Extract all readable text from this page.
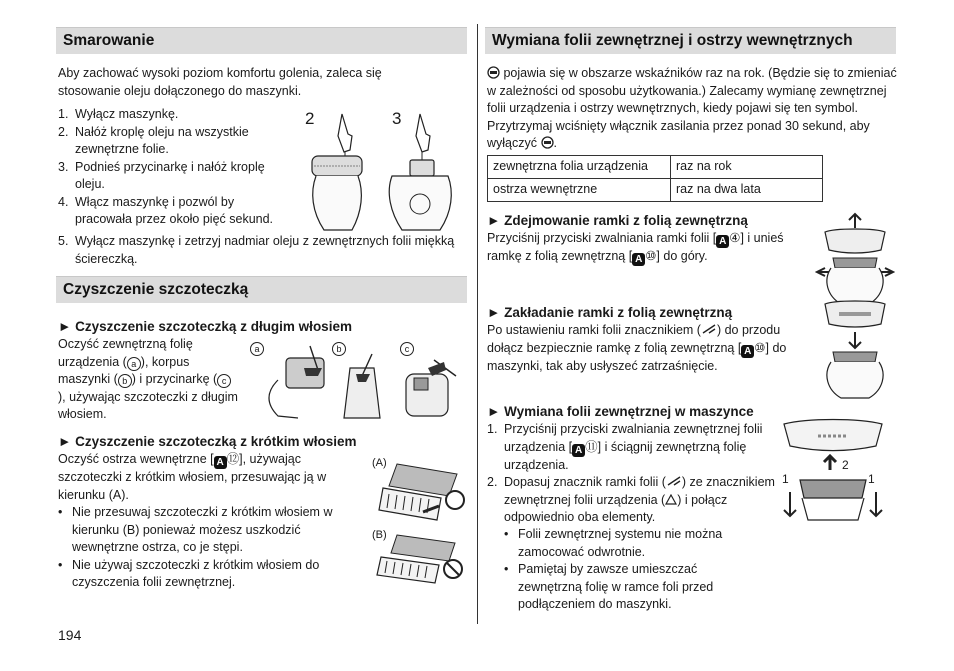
Smarowanie
Aby zachować wysoki poziom komfortu golenia, zaleca się stosowanie oleju dołączonego do maszynki.
1. Wyłącz maszynkę.
2. Nałóż kroplę oleju na wszystkie zewnętrzne folie.
3. Podnieś przycinarkę i nałóż kroplę oleju.
4. Włącz maszynkę i pozwól by pracowała przez około pięć sekund.
5. Wyłącz maszynkę i zetrzyj nadmiar oleju z zewnętrznych folii miękką ściereczką.
2	3
Czyszczenie szczoteczką
► Czyszczenie szczoteczką z długim włosiem
Oczyść zewnętrzną folię urządzenia ( a ), korpus maszynki ( b ) i przycinarkę ( c), używając szczoteczki z długim włosiem.
a	b	c
► Czyszczenie szczoteczką z krótkim włosiem
Oczyść ostrza wewnętrzne [ A ⑫], używając szczoteczki z krótkim włosiem, przesuwając ją w kierunku (A).
• Nie przesuwaj szczoteczki z krótkim włosiem w kierunku (B) ponieważ możesz uszkodzić wewnętrzne ostrza, co je stępi.
• Nie używaj szczoteczki z krótkim włosiem do czyszczenia folii zewnętrznej.
(A)
(B)
194
Wymiana folii zewnętrznej i ostrzy wewnętrznych
pojawia się w obszarze wskaźników raz na rok. (Będzie się to zmieniać w zależności od sposobu użytkowania.) Zalecamy wymianę zewnętrznej folii urządzenia i ostrzy wewnętrznych, kiedy pojawi się ten symbol. Przytrzymaj wciśnięty włącznik zasilania przez ponad 30 sekund, aby wyłączyć .
zewnętrzna folia urządzenia	raz na rok
ostrza wewnętrzne	raz na dwa lata
► Zdejmowanie ramki z folią zewnętrzną
Przyciśnij przyciski zwalniania ramki folii [ A ④] i unieś ramkę z folią zewnętrzną [ A ⑩] do góry.
► Zakładanie ramki z folią zewnętrzną
Po ustawieniu ramki folii znacznikiem ( ) do przodu dołącz bezpiecznie ramkę z folią zewnętrzną [ A ⑩] do maszynki, tak aby usłyszeć zatrzaśnięcie.
► Wymiana folii zewnętrznej w maszynce
1. Przyciśnij przyciski zwalniania zewnętrznej folii urządzenia [ A ⑪] i ściągnij zewnętrzną folię urządzenia.
2. Dopasuj znacznik ramki folii ( ) ze znacznikiem zewnętrznej folii urządzenia ( ) i połącz odpowiednio oba elementy.
• Folii zewnętrznej systemu nie można zamocować odwrotnie.
• Pamiętaj by zawsze umieszczać zewnętrzną folię w ramce foli przed podłączeniem do maszynki.
1
2
1
